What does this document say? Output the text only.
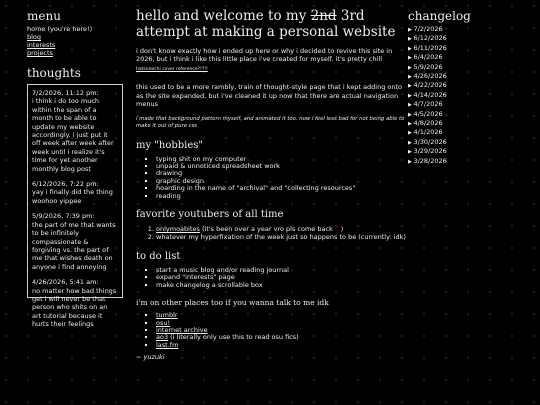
menu
home (you're here!)
blog
interests
projects
thoughts
7/2/2026, 11:12 pm:
i think i do too much within the span of a month to be able to update my website accordingly. i just put it off week after week after week until i realize it's time for yet another monthly blog post
6/12/2026, 7:22 pm:
yay i finally did the thing woohoo yippee
5/9/2026, 7:39 pm:
the part of me that wants to be infinitely compassionate & forgiving vs. the part of me that wishes death on anyone i find annoying
4/26/2026, 5:41 am:
no matter how bad things get i will never be that person who shits on an art tutorial because it hurts their feelings
hello and welcome to my 2nd 3rd attempt at making a personal website

i don't know exactly how i ended up here or why i decided to revive this site in 2026, but i think i like this little place i've created for myself. it's pretty chill

hatsunechi cover reference?!?!!

this used to be a more rambly, train of thought-style page that i kept adding onto as the site expanded, but i've cleaned it up now that there are actual navigation menus

i made that background pattern myself, and animated it too. now i feel less bad for not being able to make it out of pure css

my "hobbies"
▪ typing shit on my computer
▪ unpaid & unnoticed spreadsheet work
▪ drawing
▪ graphic design
▪ hoarding in the name of "archival" and "collecting resources"
▪ reading
favorite youtubers of all time
1. onlymoabites (it's been over a year vro pls come back ♡)
2. whatever my hyperfixation of the week just so happens to be (currently: idk)
to do list
▪ start a music blog and/or reading journal
▪ expand "interests" page
▪ make changelog a scrollable box
i'm on other places too if you wanna talk to me idk
▪ tumblr
▪ osu!
▪ internet archive
▪ ao3 (i literally only use this to read osu fics)
▪ last.fm
~ yuzuki
changelog
▶ 7/2/2026
▶ 6/12/2026
▶ 6/11/2026
▶ 6/4/2026
▶ 5/9/2026
▶ 4/26/2026
▶ 4/22/2026
▶ 4/14/2026
▶ 4/7/2026
▶ 4/5/2026
▶ 4/8/2026
▶ 4/1/2026
▶ 3/30/2026
▶ 3/29/2026
▶ 3/28/2026
